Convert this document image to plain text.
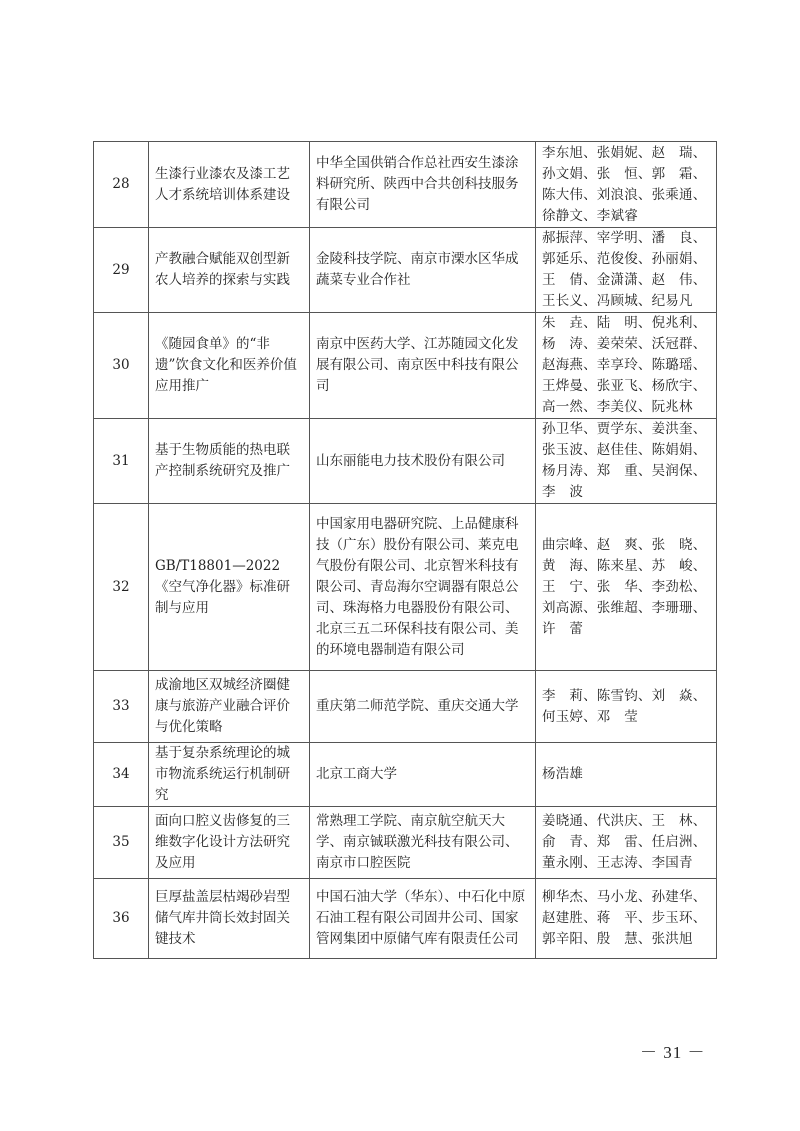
28	生漆行业漆农及漆工艺人才系统培训体系建设	中华全国供销合作总社西安生漆涂料研究所、陕西中合共创科技服务有限公司	李东旭、张娟妮、赵　瑞、孙文娟、张　恒、郭　霜、陈大伟、刘浪浪、张乘通、徐静文、李斌睿
29	产教融合赋能双创型新农人培养的探索与实践	金陵科技学院、南京市溧水区华成蔬菜专业合作社	郝振萍、宰学明、潘　良、郭延乐、范俊俊、孙丽娟、王　倩、金潇潇、赵　伟、王长义、冯顾城、纪易凡
30	《随园食单》的“非遗”饮食文化和医养价值应用推广	南京中医药大学、江苏随园文化发展有限公司、南京医中科技有限公司	朱　垚、陆　明、倪兆利、杨　涛、姜荣荣、沃冠群、赵海燕、幸享玲、陈璐瑶、王烨曼、张亚飞、杨欣宇、高一然、李美仪、阮兆林
31	基于生物质能的热电联产控制系统研究及推广	山东丽能电力技术股份有限公司	孙卫华、贾学东、姜洪奎、张玉波、赵佳佳、陈娟娟、杨月涛、郑　重、吴润保、李　波
32	GB/T18801—2022《空气净化器》标准研制与应用	中国家用电器研究院、上品健康科技（广东）股份有限公司、莱克电气股份有限公司、北京智米科技有限公司、青岛海尔空调器有限总公司、珠海格力电器股份有限公司、北京三五二环保科技有限公司、美的环境电器制造有限公司	曲宗峰、赵　爽、张　晓、黄　海、陈来星、苏　峻、王　宁、张　华、李劲松、刘高源、张维超、李珊珊、许　蕾
33	成渝地区双城经济圈健康与旅游产业融合评价与优化策略	重庆第二师范学院、重庆交通大学	李　莉、陈雪钧、刘　焱、何玉婷、邓　莹
34	基于复杂系统理论的城市物流系统运行机制研究	北京工商大学	杨浩雄
35	面向口腔义齿修复的三维数字化设计方法研究及应用	常熟理工学院、南京航空航天大学、南京铖联激光科技有限公司、南京市口腔医院	姜晓通、代洪庆、王　林、俞　青、郑　雷、任启洲、董永刚、王志涛、李国青
36	巨厚盐盖层枯竭砂岩型储气库井筒长效封固关键技术	中国石油大学（华东）、中石化中原石油工程有限公司固井公司、国家管网集团中原储气库有限责任公司	柳华杰、马小龙、孙建华、赵建胜、蒋　平、步玉环、郭辛阳、殷　慧、张洪旭
－ 31 －
